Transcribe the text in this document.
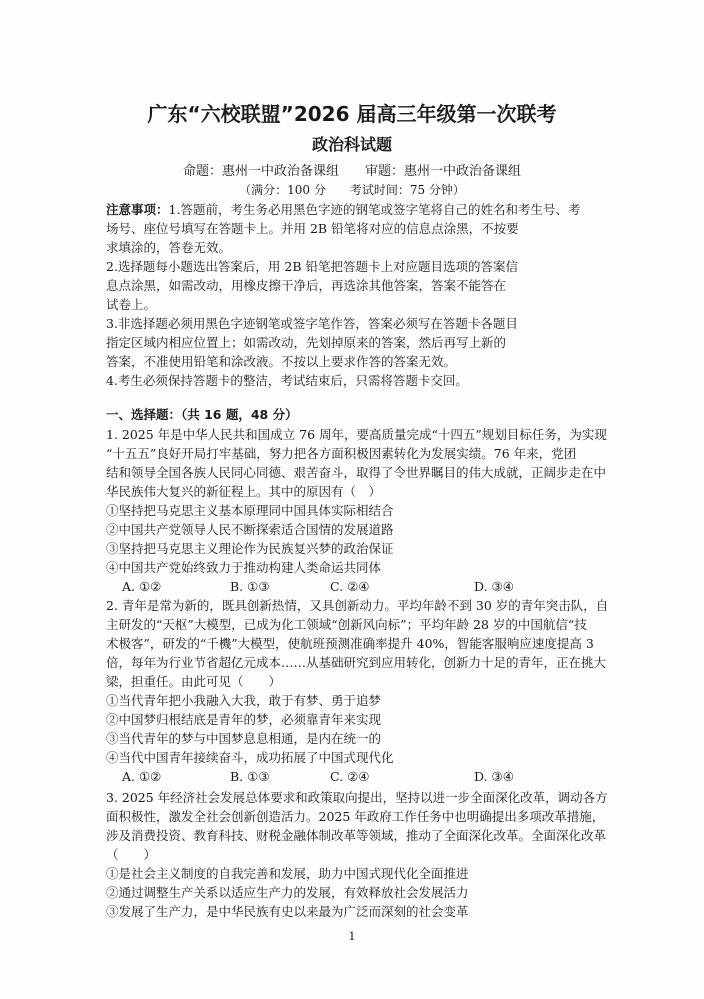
广东“六校联盟”2026 届高三年级第一次联考
政治科试题
命题：惠州一中政治备课组　　审题：惠州一中政治备课组
（满分：100 分　　考试时间：75 分钟）
注意事项：1.答题前，考生务必用黑色字迹的钢笔或签字笔将自己的姓名和考生号、考
场号、座位号填写在答题卡上。并用 2B 铅笔将对应的信息点涂黑，不按要
求填涂的，答卷无效。
2.选择题每小题选出答案后，用 2B 铅笔把答题卡上对应题目选项的答案信
息点涂黑，如需改动，用橡皮擦干净后，再选涂其他答案，答案不能答在
试卷上。
3.非选择题必须用黑色字迹钢笔或签字笔作答，答案必须写在答题卡各题目
指定区域内相应位置上；如需改动，先划掉原来的答案，然后再写上新的
答案，不准使用铅笔和涂改液。不按以上要求作答的答案无效。
4.考生必须保持答题卡的整洁，考试结束后，只需将答题卡交回。
一、选择题：（共 16 题，48 分）
1. 2025 年是中华人民共和国成立 76 周年，要高质量完成“十四五”规划目标任务，为实现
“十五五”良好开局打牢基础，努力把各方面积极因素转化为发展实绩。76 年来，党团
结和领导全国各族人民同心同德、艰苦奋斗，取得了令世界瞩目的伟大成就，正阔步走在中
华民族伟大复兴的新征程上。其中的原因有（　）
①坚持把马克思主义基本原理同中国具体实际相结合
②中国共产党领导人民不断探索适合国情的发展道路
③坚持把马克思主义理论作为民族复兴梦的政治保证
④中国共产党始终致力于推动构建人类命运共同体
A. ①②	B. ①③	C. ②④	D. ③④
2. 青年是常为新的，既具创新热情，又具创新动力。平均年龄不到 30 岁的青年突击队，自
主研发的“天枢”大模型，已成为化工领域“创新风向标”；平均年龄 28 岁的中国航信“技
术极客”，研发的“千機”大模型，使航班预测准确率提升 40%，智能客服响应速度提高 3
倍，每年为行业节省超亿元成本……从基础研究到应用转化，创新力十足的青年，正在挑大
梁，担重任。由此可见（　　）
①当代青年把小我融入大我，敢于有梦、勇于追梦
②中国梦归根结底是青年的梦，必须靠青年来实现
③当代青年的梦与中国梦息息相通，是内在统一的
④当代中国青年接续奋斗，成功拓展了中国式现代化
A. ①②	B. ①③	C. ②④	D. ③④
3. 2025 年经济社会发展总体要求和政策取向提出，坚持以进一步全面深化改革，调动各方
面积极性，激发全社会创新创造活力。2025 年政府工作任务中也明确提出多项改革措施，
涉及消费投资、教育科技、财税金融体制改革等领域，推动了全面深化改革。全面深化改革
（　　）
①是社会主义制度的自我完善和发展，助力中国式现代化全面推进
②通过调整生产关系以适应生产力的发展，有效释放社会发展活力
③发展了生产力，是中华民族有史以来最为广泛而深刻的社会变革
1
